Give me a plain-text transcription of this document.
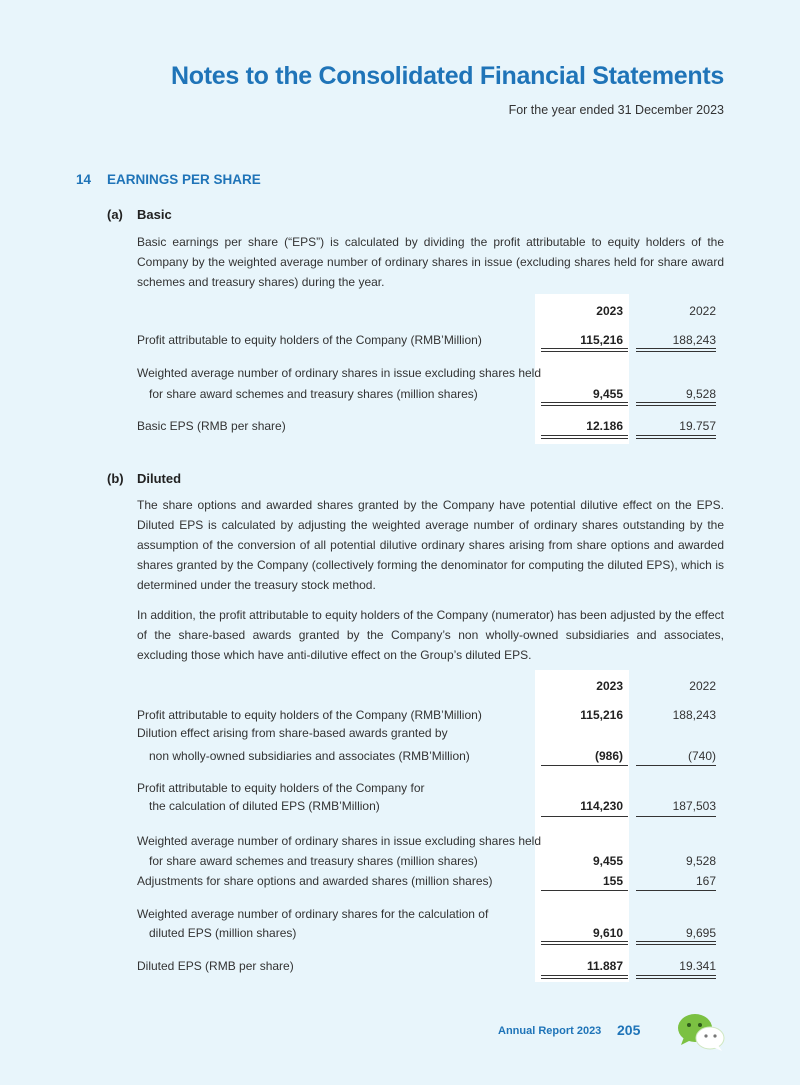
Notes to the Consolidated Financial Statements
For the year ended 31 December 2023
14 EARNINGS PER SHARE
(a) Basic
Basic earnings per share (“EPS”) is calculated by dividing the profit attributable to equity holders of the Company by the weighted average number of ordinary shares in issue (excluding shares held for share award schemes and treasury shares) during the year.
2023	2022
Profit attributable to equity holders of the Company (RMB’Million)	115,216	188,243
Weighted average number of ordinary shares in issue excluding shares held
for share award schemes and treasury shares (million shares)	9,455	9,528
Basic EPS (RMB per share)	12.186	19.757
(b) Diluted
The share options and awarded shares granted by the Company have potential dilutive effect on the EPS. Diluted EPS is calculated by adjusting the weighted average number of ordinary shares outstanding by the assumption of the conversion of all potential dilutive ordinary shares arising from share options and awarded shares granted by the Company (collectively forming the denominator for computing the diluted EPS), which is determined under the treasury stock method.
In addition, the profit attributable to equity holders of the Company (numerator) has been adjusted by the effect of the share-based awards granted by the Company’s non wholly-owned subsidiaries and associates, excluding those which have anti-dilutive effect on the Group’s diluted EPS.
2023	2022
Profit attributable to equity holders of the Company (RMB’Million)	115,216	188,243
Dilution effect arising from share-based awards granted by
non wholly-owned subsidiaries and associates (RMB’Million)	(986)	(740)
Profit attributable to equity holders of the Company for
the calculation of diluted EPS (RMB’Million)	114,230	187,503
Weighted average number of ordinary shares in issue excluding shares held
for share award schemes and treasury shares (million shares)	9,455	9,528
Adjustments for share options and awarded shares (million shares)	155	167
Weighted average number of ordinary shares for the calculation of
diluted EPS (million shares)	9,610	9,695
Diluted EPS (RMB per share)	11.887	19.341
Annual Report 2023 205
